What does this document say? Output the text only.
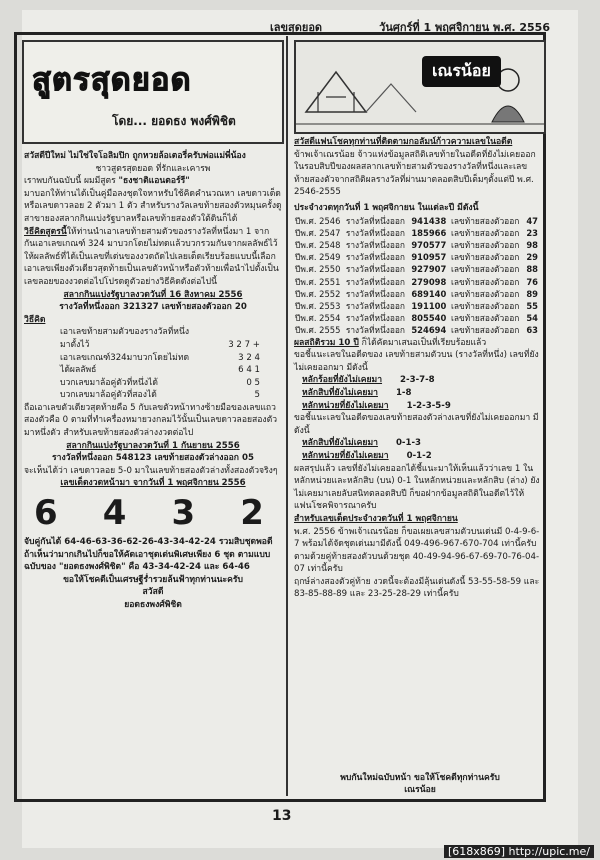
เลขสุดยอด	วันศุกร์ที่ 1 พฤศจิกายน พ.ศ. 2556
สูตรสุดยอด
โดย... ยอดธง พงศ์พิชิต
เณรน้อย

สวัสดีปีใหม่ ไม่ใช่ใจโอลิมปิก ถูกหวยล้อเตอรี่ครับพ่อแม่พี่น้อง

ชาวสูตรสุดยอด ที่รักและเคารพ

เราพบกันฉบับนี้ ผมมีสูตร "ธงชาติแอนตอร์รี"

มาบอกให้ท่านได้เป็นคู่มือลงชุดใจหาหรับใช้คิดคำนวณหา เลขดาวเด็ดหรือเลขดาวลอย 2 ตัวมา 1 ตัว สำหรับรางวัลเลขท้ายสองตัวหมุนครั้งดูสาขายองสลากกินแบ่งรัฐบาลหรือเลขท้ายสองตัวใต้ดินก็ได้

วิธีคิดสูตรนี้ให้ท่านนำเอาเลขท้ายสามตัวของรางวัลที่หนึ่งมา 1 จากกันเอาเลขเกณฑ์ 324 มาบวกโดยไม่ทดแล้วบวกรวมกันจากผลลัพธ์ไว้ ให้ผลลัพธ์ที่ได้เป็นเลขที่เด่นของงวดถัดไปเลยเด็ดเรียบร้อยแบบนี้เลือกเอาเลขเพียงตัวเดียวสุดท้ายเป็นเลขตัวหน้าหรือตัวท้ายเพื่อนำไปตั้งเป็นเลขลอยของงวดต่อไปโปรดดูตัวอย่างวิธีคิดดังต่อไปนี้

สลากกินแบ่งรัฐบาลงวดวันที่ 16 สิงหาคม 2556

รางวัลที่หนึ่งออก 321327 เลขท้ายสองตัวออก 20

วิธีคิด

เอาเลขท้ายสามตัวของรางวัลที่หนึ่ง
มาตั้งไว้	3 2 7 +
เอาเลขเกณฑ์324มาบวกโดยไม่ทด	3 2 4
ได้ผลลัพธ์	6 4 1
บวกเลขมาล้อคู่ตัวที่หนึ่งได้	0 5
บวกเลขมาล้อคู่ตัวที่สองได้	5

ถือเอาเลขตัวเดียวสุดท้ายคือ 5 กับเลขตัวหน้าทางซ้ายมือของเลขแถวสองตัวคือ 0 ตามที่ทำเครื่องหมายวงกลมไว้นั้นเป็นเลขดาวลอยสองตัวมาหนึ่งตัว สำหรับเลขท้ายสองตัวล่างงวดต่อไป

สลากกินแบ่งรัฐบาลงวดวันที่ 1 กันยายน 2556

รางวัลที่หนึ่งออก 548123 เลขท้ายสองตัวล่างออก 05

จะเห็นได้ว่า เลขดาวลอย 5-0 มาในเลขท้ายสองตัวล่างทั้งสองตัวจริงๆ

เลขเด็ดงวดหน้ามา จากวันที่ 1 พฤศจิกายน 2556

6 4 3 2

จับคู่กันได้ 64-46-63-36-62-26-43-34-42-24 รวมสิบชุดพอดี ถ้าเห็นว่ามากเกินไปก็ขอให้คัดเอาชุดเด่นพิเศษเพียง 6 ชุด ตามแบบฉบับของ "ยอดธงพงศ์พิชิต" คือ 43-34-42-24 และ 64-46

ขอให้โชคดีเป็นเศรษฐีร่ำรวยล้นฟ้าทุกท่านนะครับ

สวัสดี

ยอดธงพงศ์พิชิต

สวัสดีแฟนโชคทุกท่านที่ติดตามกอลัมน์ก้าวความเลขในอดีต

ข้าพเจ้าเณรน้อย จ้าวแห่งข้อมูลสถิติเลขท้ายในอดีตที่ยังไม่เคยออกในรอบสิบปีของผลสลากเลขท้ายสามตัวของรางวัลที่หนึ่งและเลขท้ายสองตัวจากสถิติผลรางวัลที่ผ่านมาตลอดสิบปีเต็มๆตั้งแต่ปี พ.ศ. 2546-2555

ประจำงวดทุกวันที่ 1 พฤศจิกายน ในแต่ละปี มีดังนี้

ปีพ.ศ. 2546	รางวัลที่หนึ่งออก	941438	เลขท้ายสองตัวออก	47
ปีพ.ศ. 2547	รางวัลที่หนึ่งออก	185966	เลขท้ายสองตัวออก	23
ปีพ.ศ. 2548	รางวัลที่หนึ่งออก	970577	เลขท้ายสองตัวออก	98
ปีพ.ศ. 2549	รางวัลที่หนึ่งออก	910957	เลขท้ายสองตัวออก	29
ปีพ.ศ. 2550	รางวัลที่หนึ่งออก	927907	เลขท้ายสองตัวออก	88
ปีพ.ศ. 2551	รางวัลที่หนึ่งออก	279098	เลขท้ายสองตัวออก	76
ปีพ.ศ. 2552	รางวัลที่หนึ่งออก	689140	เลขท้ายสองตัวออก	89
ปีพ.ศ. 2553	รางวัลที่หนึ่งออก	191100	เลขท้ายสองตัวออก	55
ปีพ.ศ. 2554	รางวัลที่หนึ่งออก	805540	เลขท้ายสองตัวออก	54
ปีพ.ศ. 2555	รางวัลที่หนึ่งออก	524694	เลขท้ายสองตัวออก	63

ผลสถิติรวม 10 ปี ก็ได้คัดมาเสนอเป็นที่เรียบร้อยแล้ว

ขอชี้แนะเลขในอดีตของ เลขท้ายสามตัวบน (รางวัลที่หนึ่ง) เลขที่ยังไม่เคยออกมา มีดังนี้

หลักร้อยที่ยังไม่เคยมา 2-3-7-8
หลักสิบที่ยังไม่เคยมา 1-8
หลักหน่วยที่ยังไม่เคยมา 1-2-3-5-9

ขอชี้แนะเลขในอดีตของเลขท้ายสองตัวล่างเลขที่ยังไม่เคยออกมา มีดังนี้

หลักสิบที่ยังไม่เคยมา 0-1-3
หลักหน่วยที่ยังไม่เคยมา 0-1-2

ผลสรุปแล้ว เลขที่ยังไม่เคยออกได้ชี้แนะมาให้เห็นแล้วว่าเลข 1 ในหลักหน่วยและหลักสิบ (บน) 0-1 ในหลักหน่วยและหลักสิบ (ล่าง) ยังไม่เคยมาเลยลับสนิทตลอดสิบปี ก็ขอฝากข้อมูลสถิติในอดีตไว้ให้แฟนโชคพิจารณาครับ

สำหรับเลขเด็ดประจำงวดวันที่ 1 พฤศจิกายน

พ.ศ. 2556 ข้าพเจ้าเณรน้อย ก็ขอเผยเลขสามตัวบนเด่นมี 0-4-9-6-7 พร้อมได้จัดชุดเด่นมามีดังนี้ 049-496-967-670-704 เท่านี้ครับ ตามด้วยคู่ท้ายสองตัวบนด้วยชุด 40-49-94-96-67-69-70-76-04-07 เท่านี้ครับ

ฤกษ์ล่างสองตัวคู่ท้าย งวดนี้จะต้องมีลุ้นเด่นดังนี้ 53-55-58-59 และ 83-85-88-89 และ 23-25-28-29 เท่านี้ครับ

พบกันใหม่ฉบับหน้า ขอให้โชคดีทุกท่านครับ
เณรน้อย
13
[618x869] http://upic.me/
